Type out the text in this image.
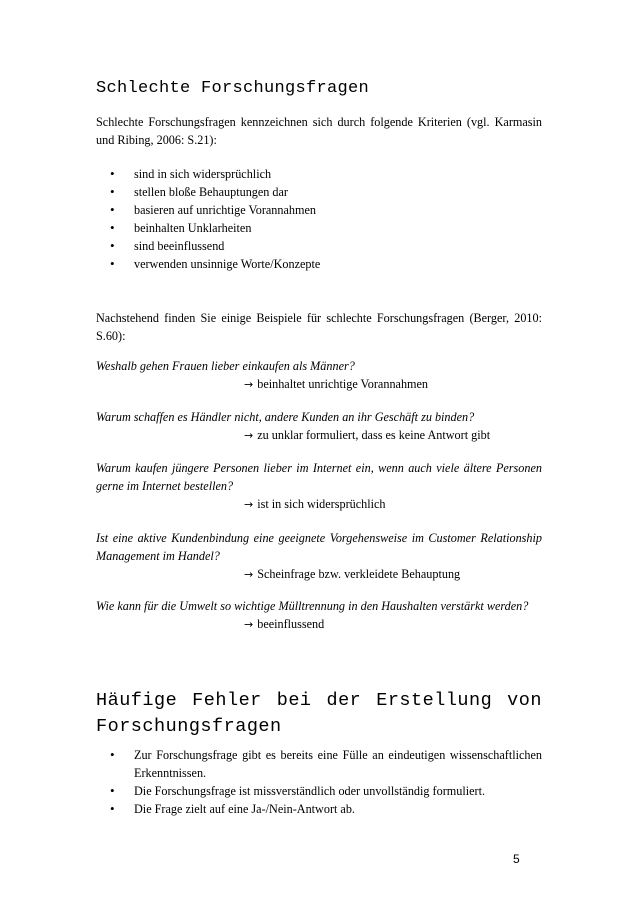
Schlechte Forschungsfragen

Schlechte Forschungsfragen kennzeichnen sich durch folgende Kriterien (vgl. Karmasin und Ribing, 2006: S.21):

• sind in sich widersprüchlich
• stellen bloße Behauptungen dar
• basieren auf unrichtige Vorannahmen
• beinhalten Unklarheiten
• sind beeinflussend
• verwenden unsinnige Worte/Konzepte

Nachstehend finden Sie einige Beispiele für schlechte Forschungsfragen (Berger, 2010: S.60):

Weshalb gehen Frauen lieber einkaufen als Männer?

→ beinhaltet unrichtige Vorannahmen

Warum schaffen es Händler nicht, andere Kunden an ihr Geschäft zu binden?

→ zu unklar formuliert, dass es keine Antwort gibt

Warum kaufen jüngere Personen lieber im Internet ein, wenn auch viele ältere Personen gerne im Internet bestellen?

→ ist in sich widersprüchlich

Ist eine aktive Kundenbindung eine geeignete Vorgehensweise im Customer Relationship Management im Handel?

→ Scheinfrage bzw. verkleidete Behauptung

Wie kann für die Umwelt so wichtige Mülltrennung in den Haushalten verstärkt werden?

→ beeinflussend
Häufige Fehler bei der Erstellung von Forschungsfragen
• Zur Forschungsfrage gibt es bereits eine Fülle an eindeutigen wissenschaftlichen Erkenntnissen.
• Die Forschungsfrage ist missverständlich oder unvollständig formuliert.
• Die Frage zielt auf eine Ja-/Nein-Antwort ab.
5
